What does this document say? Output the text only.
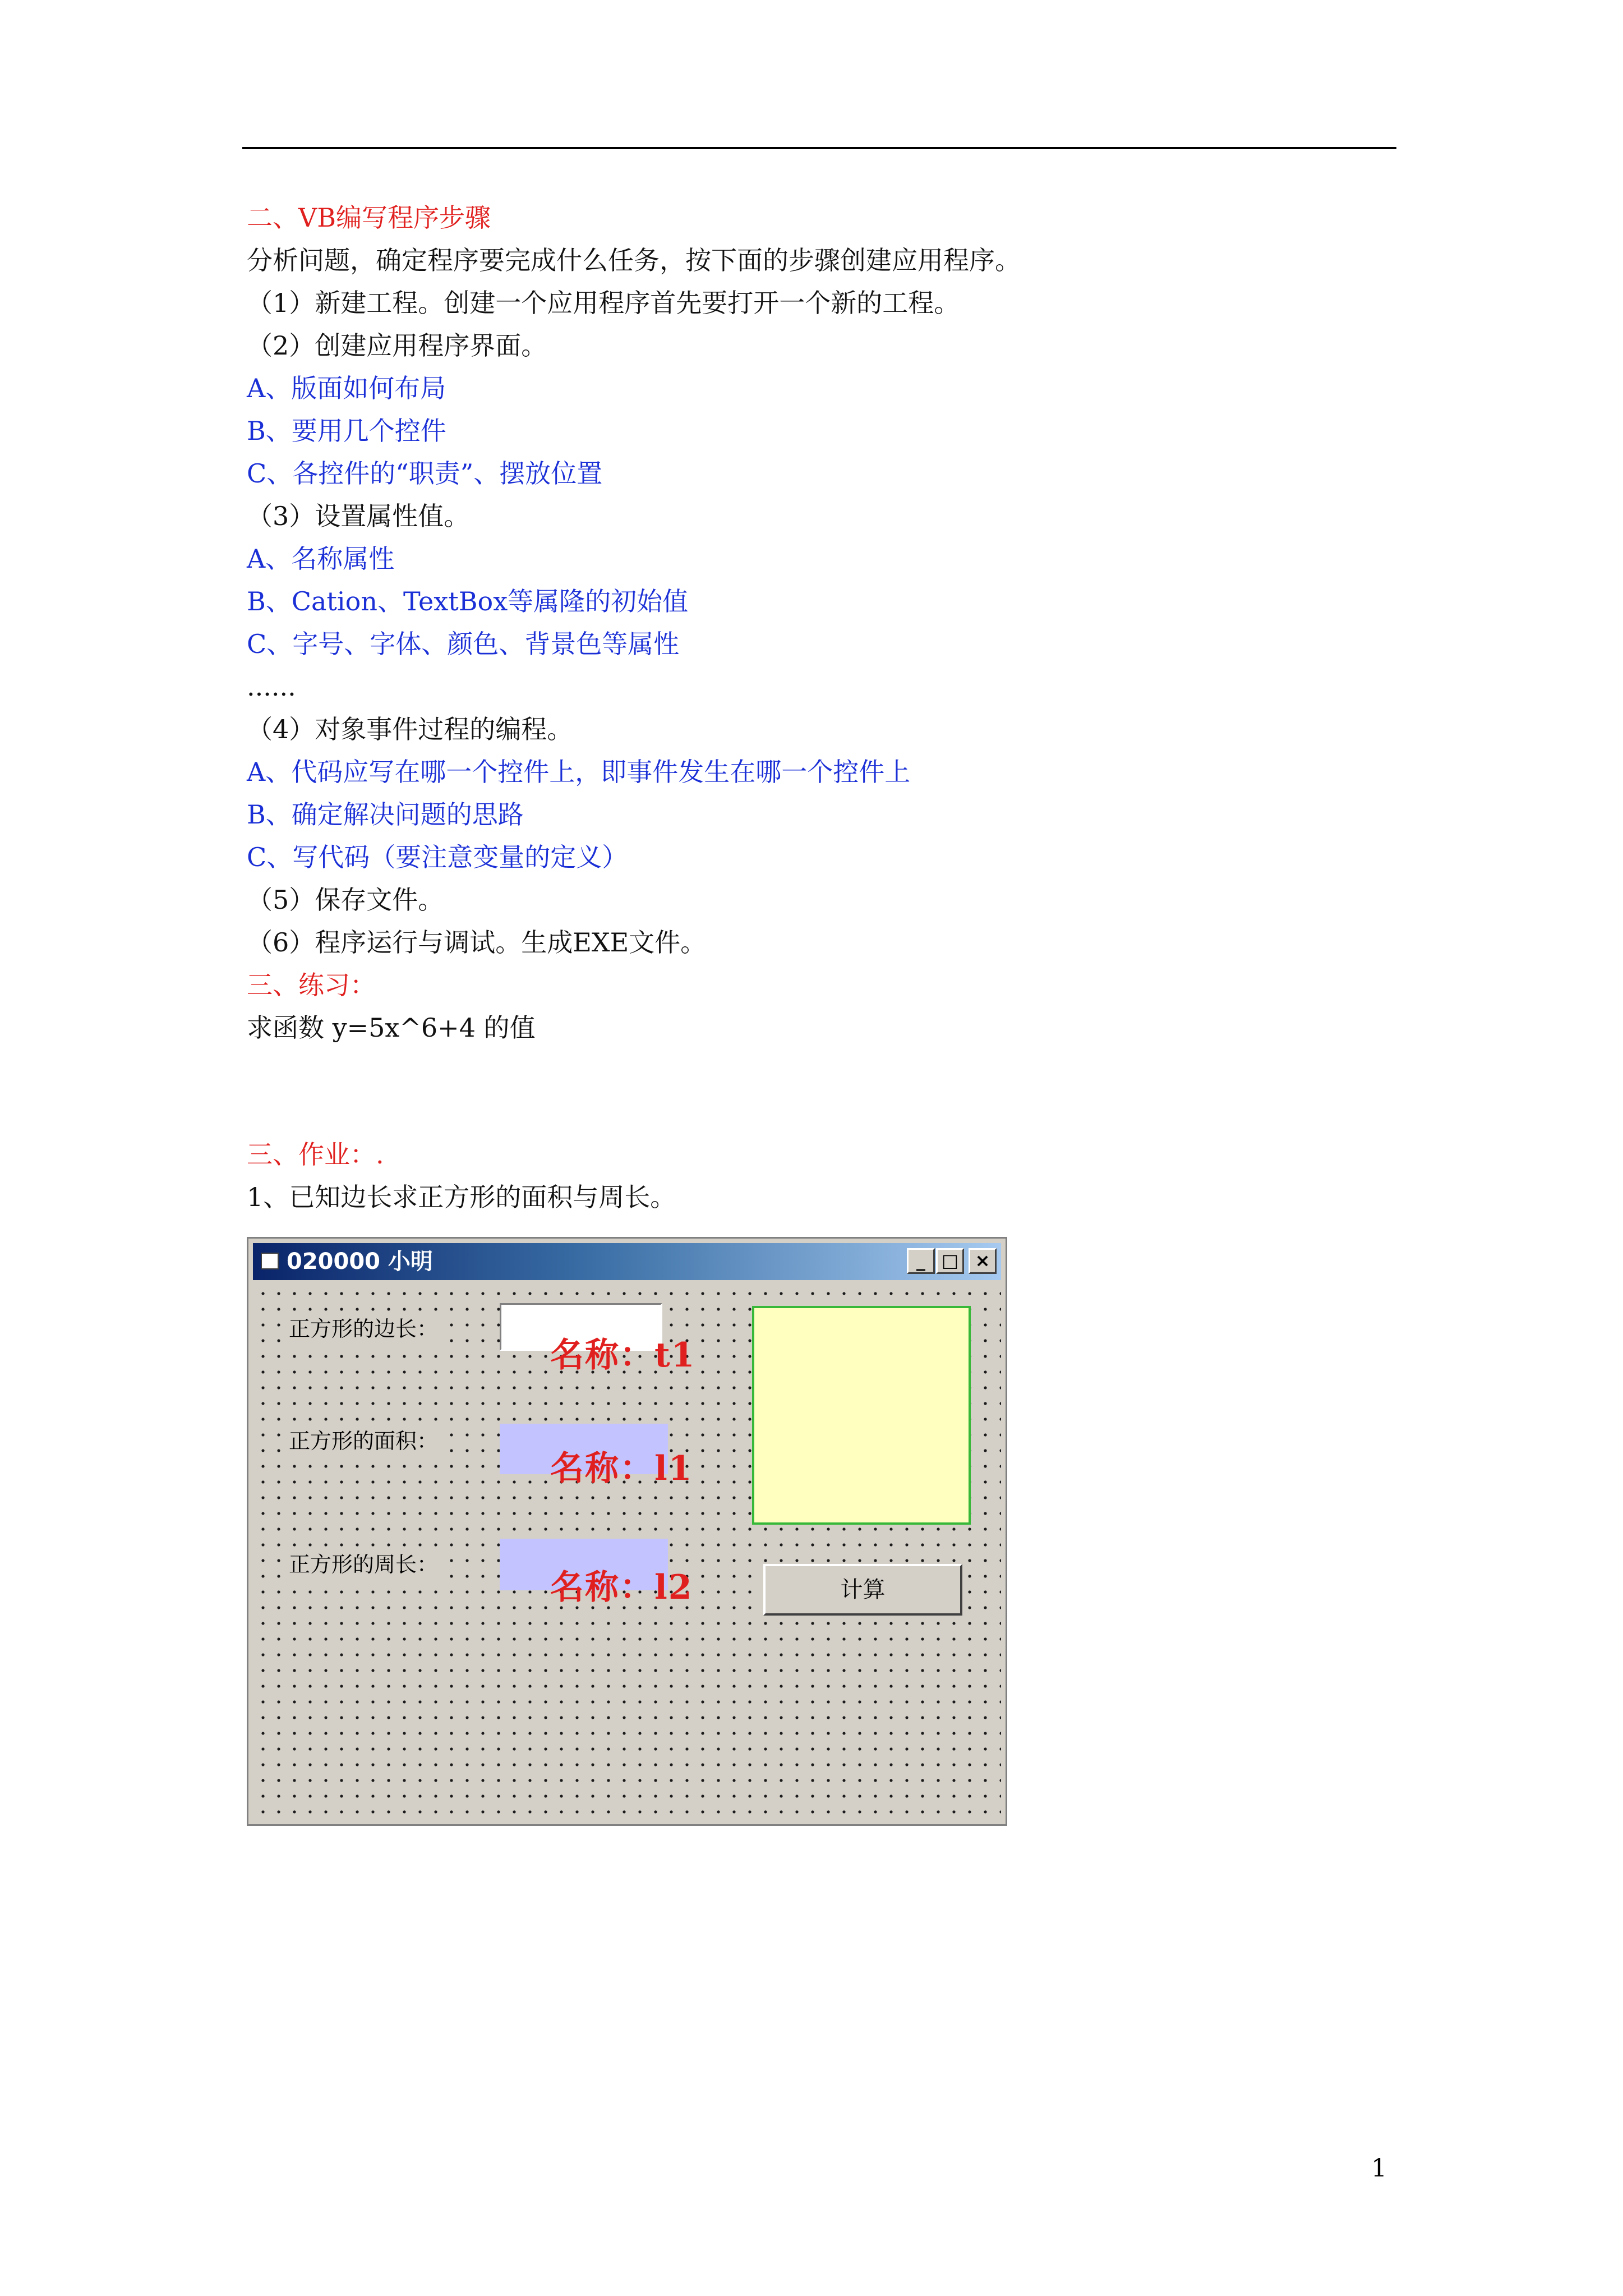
二、VB编写程序步骤
分析问题，确定程序要完成什么任务，按下面的步骤创建应用程序。
（1）新建工程。创建一个应用程序首先要打开一个新的工程。
（2）创建应用程序界面。
A、版面如何布局
B、要用几个控件
C、各控件的“职责”、摆放位置
（3）设置属性值。
A、名称属性
B、Cation、TextBox等属隆的初始值
C、字号、字体、颜色、背景色等属性
......
（4）对象事件过程的编程。
A、代码应写在哪一个控件上，即事件发生在哪一个控件上
B、确定解决问题的思路
C、写代码（要注意变量的定义）
（5）保存文件。
（6）程序运行与调试。生成EXE文件。
三、练习：
求函数 y=5x^6+4 的值
三、作业：.
1、已知边长求正方形的面积与周长。
020000 小明	_ □ ×
正方形的边长：
名称：t1
正方形的面积：
名称：l1
正方形的周长：
名称：l2	计算
1
